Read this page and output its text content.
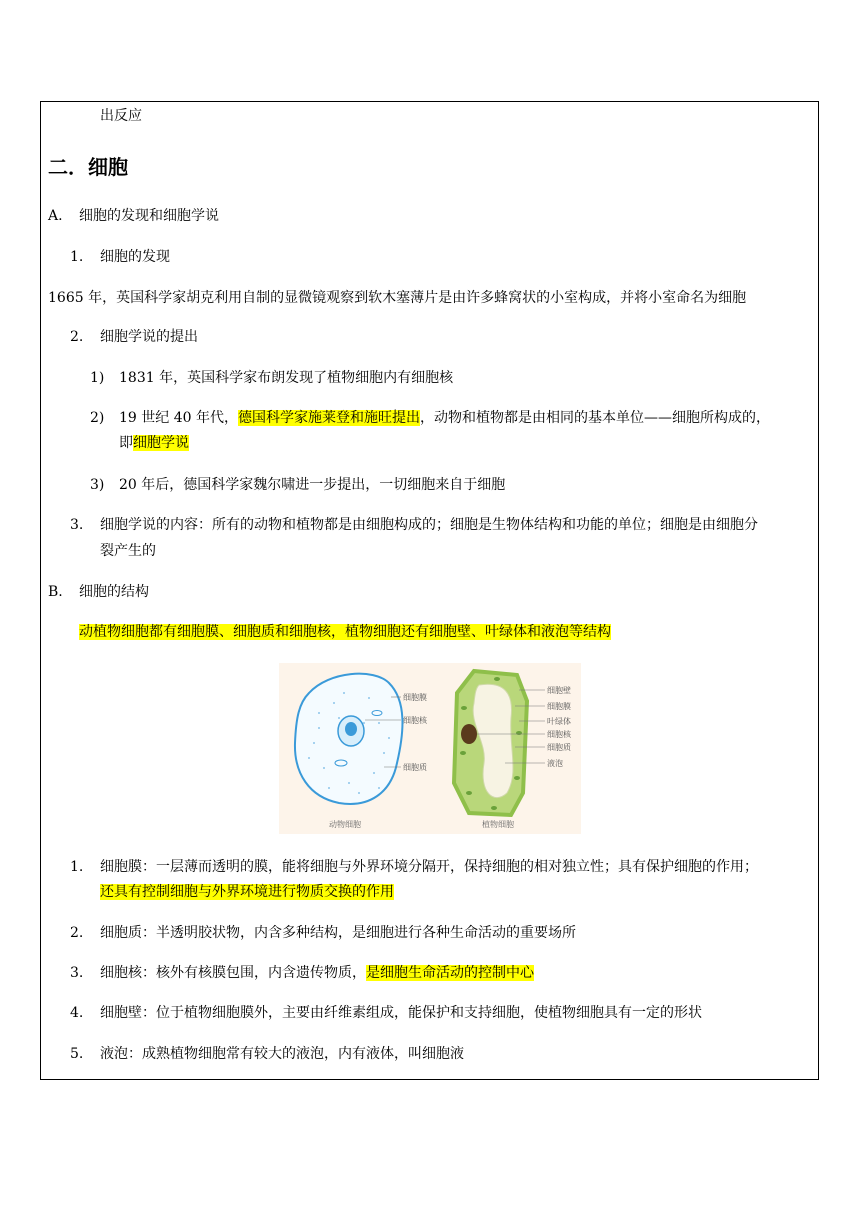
出反应
二．细胞
A. 细胞的发现和细胞学说
1. 细胞的发现
1665 年，英国科学家胡克利用自制的显微镜观察到软木塞薄片是由许多蜂窝状的小室构成，并将小室命名为细胞
2. 细胞学说的提出
1) 1831 年，英国科学家布朗发现了植物细胞内有细胞核
2) 19 世纪 40 年代，德国科学家施莱登和施旺提出，动物和植物都是由相同的基本单位——细胞所构成的，
即细胞学说
3) 20 年后，德国科学家魏尔啸进一步提出，一切细胞来自于细胞
3. 细胞学说的内容：所有的动物和植物都是由细胞构成的；细胞是生物体结构和功能的单位；细胞是由细胞分
裂产生的
B. 细胞的结构
动植物细胞都有细胞膜、细胞质和细胞核，植物细胞还有细胞壁、叶绿体和液泡等结构
细胞膜
细胞核
细胞质
动物细胞
细胞壁
细胞膜
叶绿体
细胞核
细胞质
液泡
植物细胞
1. 细胞膜：一层薄而透明的膜，能将细胞与外界环境分隔开，保持细胞的相对独立性；具有保护细胞的作用；
还具有控制细胞与外界环境进行物质交换的作用
2. 细胞质：半透明胶状物，内含多种结构，是细胞进行各种生命活动的重要场所
3. 细胞核：核外有核膜包围，内含遗传物质，是细胞生命活动的控制中心
4. 细胞壁：位于植物细胞膜外，主要由纤维素组成，能保护和支持细胞，使植物细胞具有一定的形状
5. 液泡：成熟植物细胞常有较大的液泡，内有液体，叫细胞液
